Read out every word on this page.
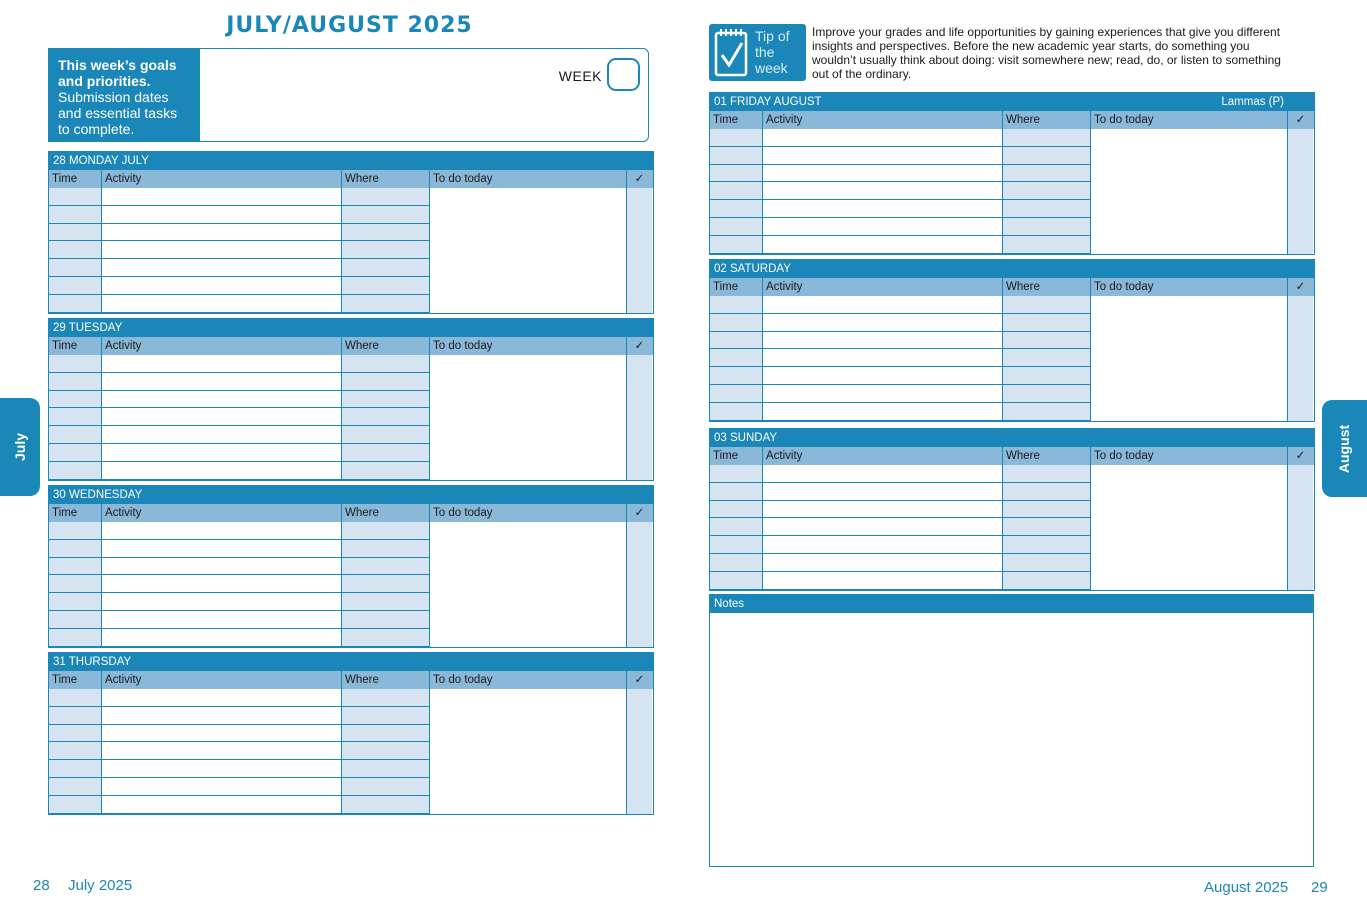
JULY/AUGUST 2025
This week’s goals and priorities.
Submission dates and essential tasks to complete.
WEEK
28 MONDAY JULY
Time	Activity	Where	To do today	✓
29 TUESDAY
Time	Activity	Where	To do today	✓
30 WEDNESDAY
Time	Activity	Where	To do today	✓
31 THURSDAY
Time	Activity	Where	To do today	✓
01 FRIDAY AUGUST	Lammas (P)
Time	Activity	Where	To do today	✓
02 SATURDAY
Time	Activity	Where	To do today	✓
03 SUNDAY
Time	Activity	Where	To do today	✓
Tip of the week
Improve your grades and life opportunities by gaining experiences that give you different insights and perspectives. Before the new academic year starts, do something you wouldn’t usually think about doing: visit somewhere new; read, do, or listen to something out of the ordinary.
Notes
July	August
28 July 2025	August 2025 29
